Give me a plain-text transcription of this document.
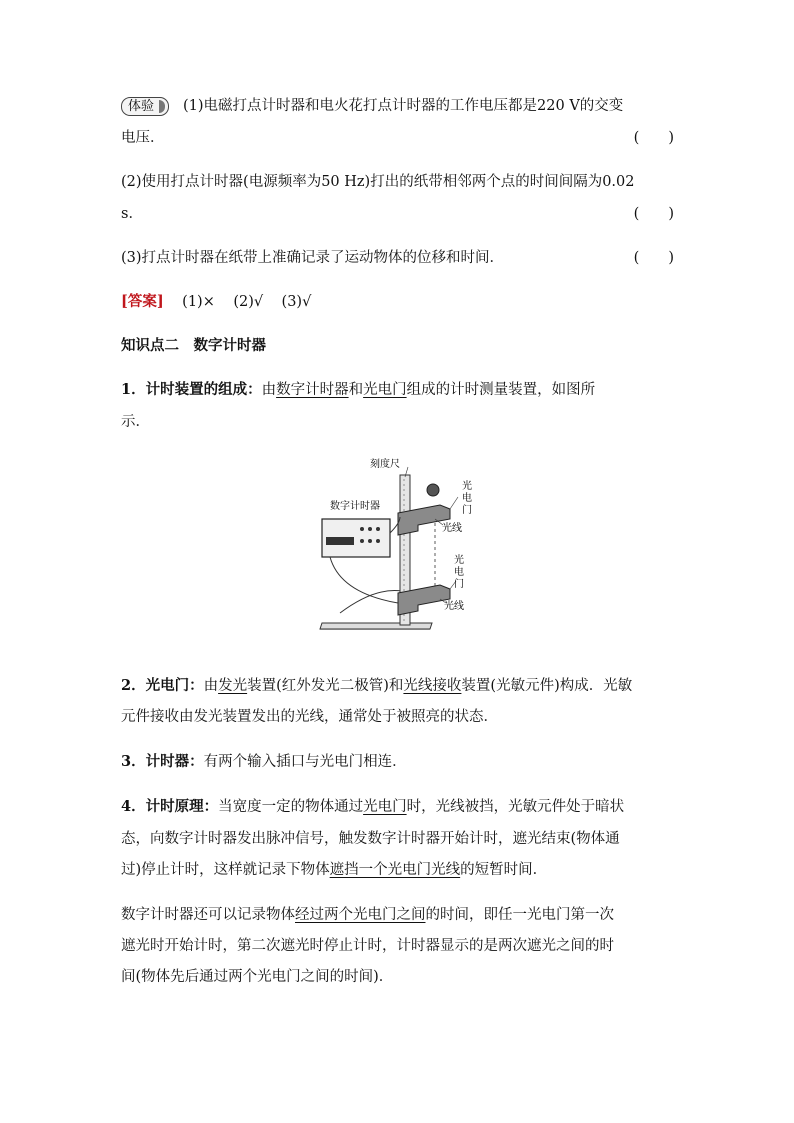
体验 (1)电磁打点计时器和电火花打点计时器的工作电压都是220 V的交变
电压．	(　　)
(2)使用打点计时器(电源频率为50 Hz)打出的纸带相邻两个点的时间间隔为0.02
s．	(　　)
(3)打点计时器在纸带上准确记录了运动物体的位移和时间．	(　　)
[答案] (1)× (2)√ (3)√
知识点二　数字计时器
1．计时装置的组成：由数字计时器和光电门组成的计时测量装置，如图所
示．
刻度尺
数字计时器
光
电
门
光线
光
电
门
光线
2．光电门：由发光装置(红外发光二极管)和光线接收装置(光敏元件)构成．光敏
元件接收由发光装置发出的光线，通常处于被照亮的状态．
3．计时器：有两个输入插口与光电门相连．
4．计时原理：当宽度一定的物体通过光电门时，光线被挡，光敏元件处于暗状
态，向数字计时器发出脉冲信号，触发数字计时器开始计时，遮光结束(物体通
过)停止计时，这样就记录下物体遮挡一个光电门光线的短暂时间．
数字计时器还可以记录物体经过两个光电门之间的时间，即任一光电门第一次
遮光时开始计时，第二次遮光时停止计时，计时器显示的是两次遮光之间的时
间(物体先后通过两个光电门之间的时间)．
